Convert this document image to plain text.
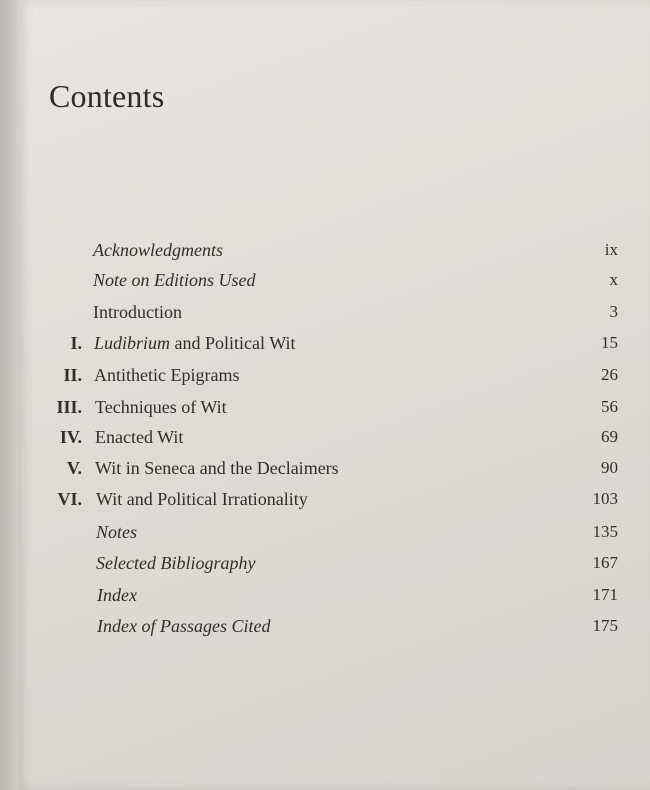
Contents
Acknowledgments	ix
Note on Editions Used	x
Introduction	3
I. Ludibrium and Political Wit	15
II. Antithetic Epigrams	26
III. Techniques of Wit	56
IV. Enacted Wit	69
V. Wit in Seneca and the Declaimers	90
VI. Wit and Political Irrationality	103
Notes	135
Selected Bibliography	167
Index	171
Index of Passages Cited	175
